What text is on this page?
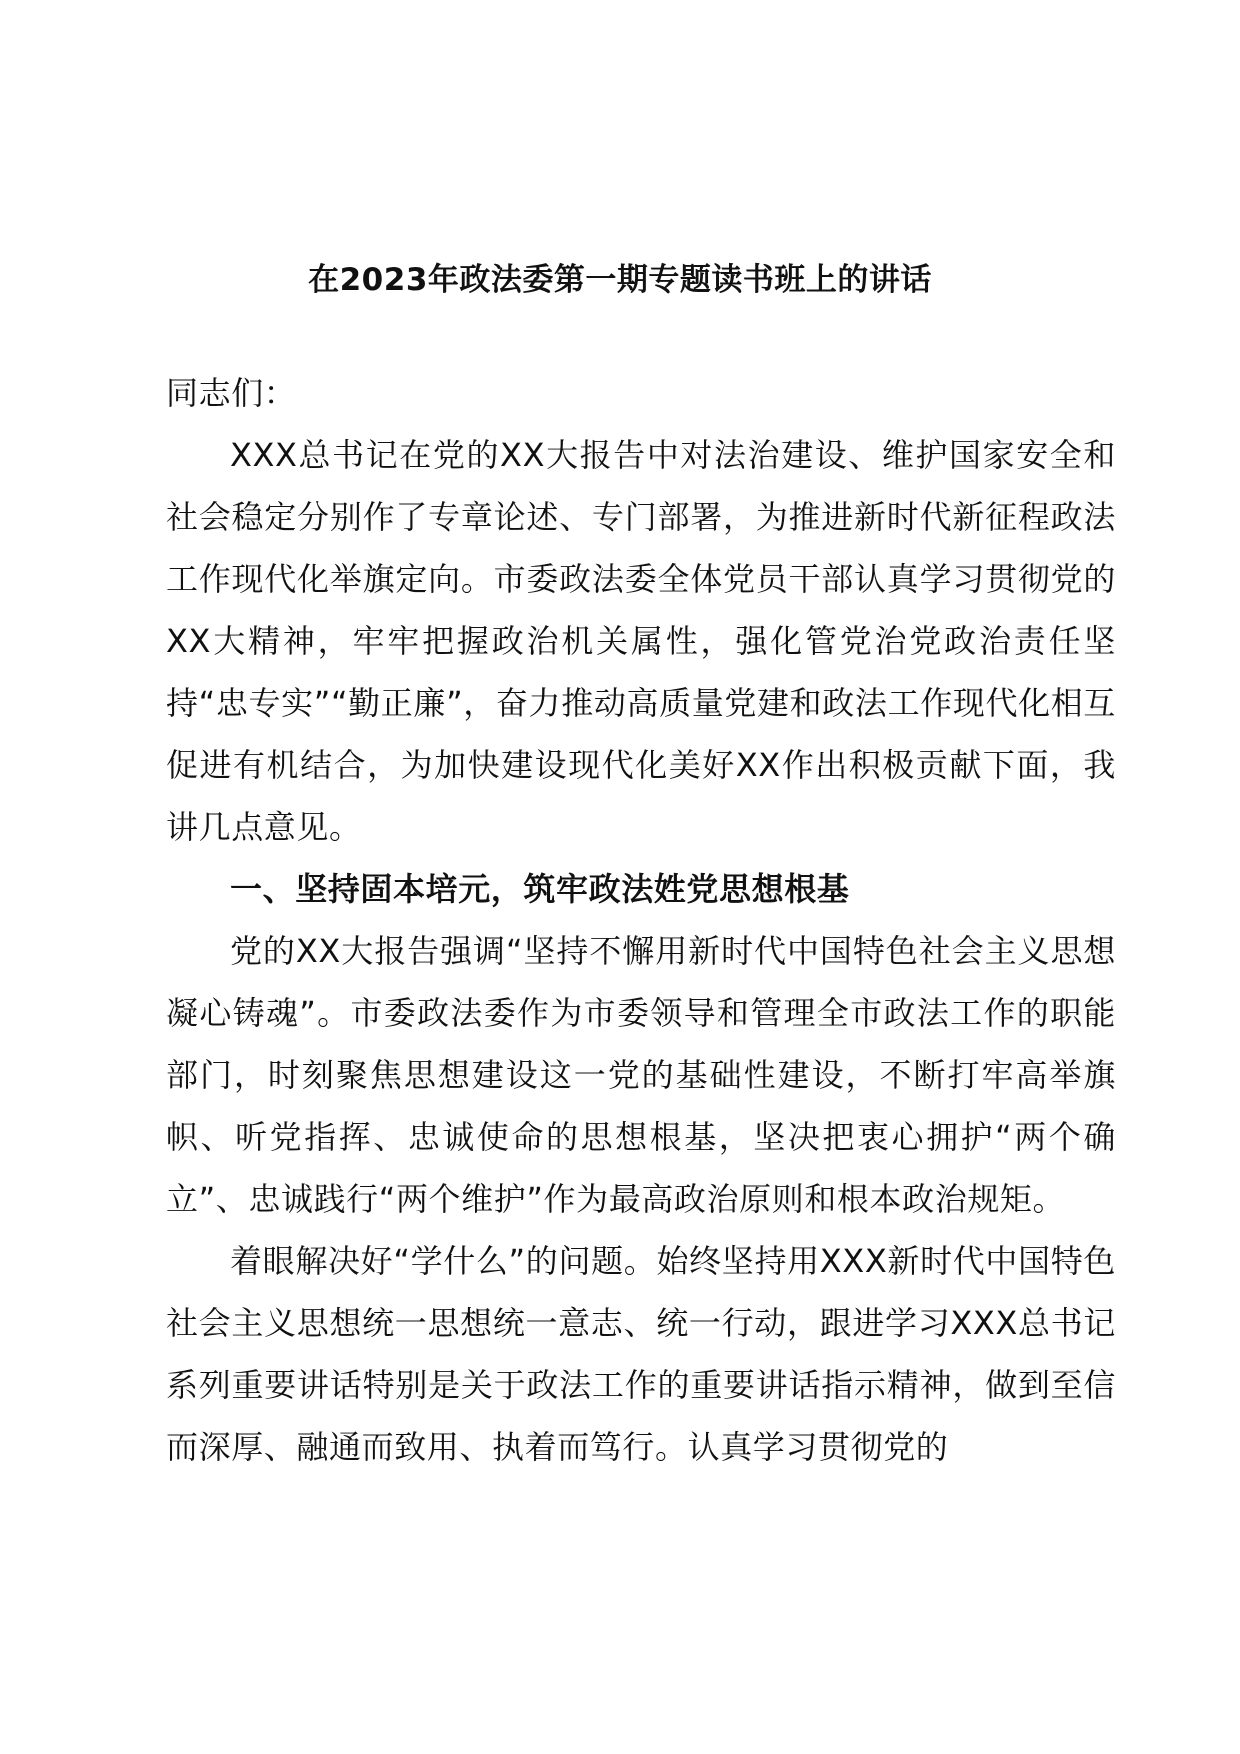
在2023年政法委第一期专题读书班上的讲话

同志们：

XXX总书记在党的XX大报告中对法治建设、维护国家安全和社会稳定分别作了专章论述、专门部署，为推进新时代新征程政法工作现代化举旗定向。市委政法委全体党员干部认真学习贯彻党的XX大精神，牢牢把握政治机关属性，强化管党治党政治责任坚持“忠专实”“勤正廉”，奋力推动高质量党建和政法工作现代化相互促进有机结合，为加快建设现代化美好XX作出积极贡献下面，我讲几点意见。

一、坚持固本培元，筑牢政法姓党思想根基

党的XX大报告强调“坚持不懈用新时代中国特色社会主义思想凝心铸魂”。市委政法委作为市委领导和管理全市政法工作的职能部门，时刻聚焦思想建设这一党的基础性建设，不断打牢高举旗帜、听党指挥、忠诚使命的思想根基，坚决把衷心拥护“两个确立”、忠诚践行“两个维护”作为最高政治原则和根本政治规矩。

着眼解决好“学什么”的问题。始终坚持用XXX新时代中国特色社会主义思想统一思想统一意志、统一行动，跟进学习XXX总书记系列重要讲话特别是关于政法工作的重要讲话指示精神，做到至信而深厚、融通而致用、执着而笃行。认真学习贯彻党的
